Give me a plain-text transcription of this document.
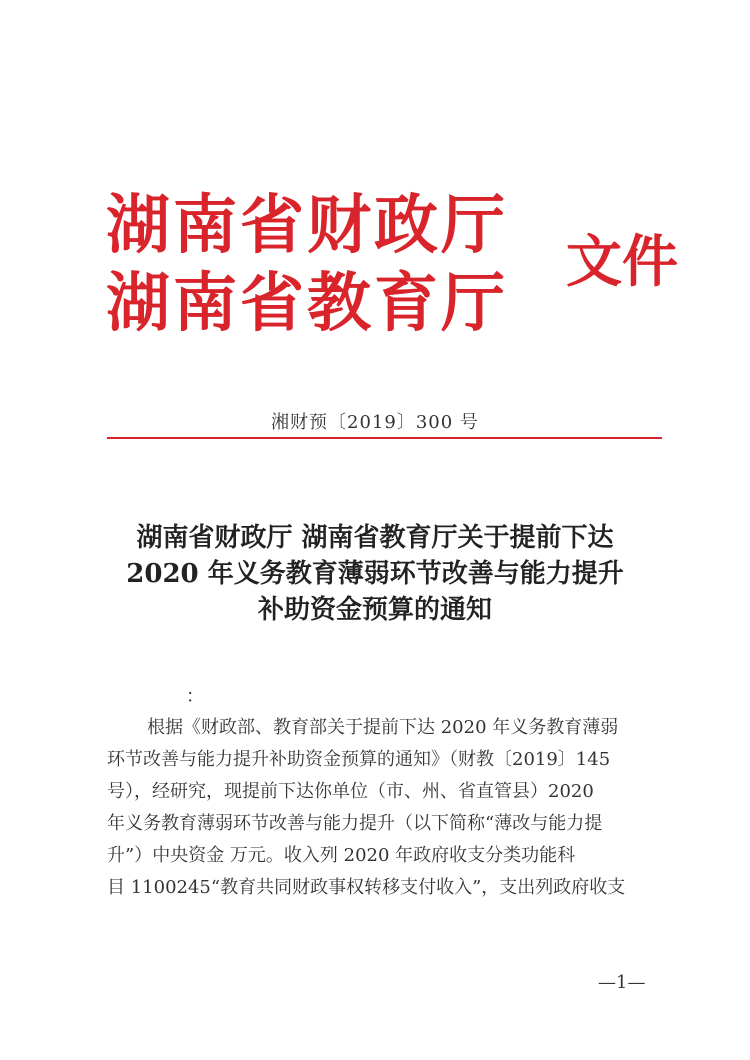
湖南省财政厅
湖南省教育厅
文件
湘财预〔2019〕300 号
湖南省财政厅 湖南省教育厅关于提前下达
2020 年义务教育薄弱环节改善与能力提升
补助资金预算的通知
：
根据《财政部、教育部关于提前下达 2020 年义务教育薄弱
环节改善与能力提升补助资金预算的通知》（财教〔2019〕145
号），经研究，现提前下达你单位（市、州、省直管县）2020
年义务教育薄弱环节改善与能力提升（以下简称“薄改与能力提
升”）中央资金 万元。收入列 2020 年政府收支分类功能科
目 1100245“教育共同财政事权转移支付收入”，支出列政府收支
—1—
